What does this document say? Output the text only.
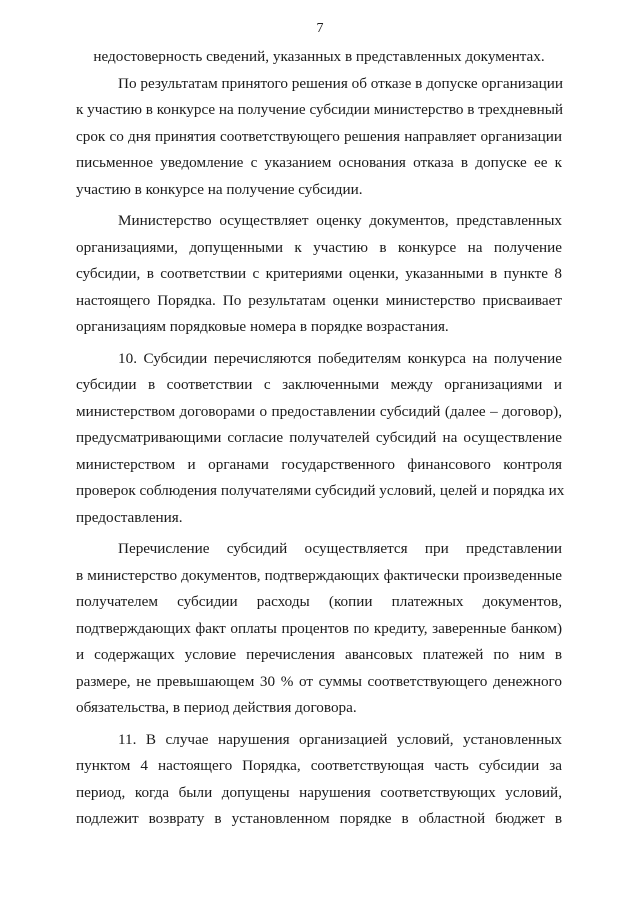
7

недостоверность сведений, указанных в представленных документах.

По результатам принятого решения об отказе в допуске организации
к участию в конкурсе на получение субсидии министерство в трехдневный
срок со дня принятия соответствующего решения направляет организации
письменное уведомление с указанием основания отказа в допуске ее к
участию в конкурсе на получение субсидии.

Министерство осуществляет оценку документов, представленных
организациями, допущенными к участию в конкурсе на получение
субсидии, в соответствии с критериями оценки, указанными в пункте 8
настоящего Порядка. По результатам оценки министерство присваивает
организациям порядковые номера в порядке возрастания.

10. Субсидии перечисляются победителям конкурса на получение
субсидии в соответствии с заключенными между организациями и
министерством договорами о предоставлении субсидий (далее – договор),
предусматривающими согласие получателей субсидий на осуществление
министерством и органами государственного финансового контроля
проверок соблюдения получателями субсидий условий, целей и порядка их
предоставления.

Перечисление субсидий осуществляется при представлении
в министерство документов, подтверждающих фактически произведенные
получателем субсидии расходы (копии платежных документов,
подтверждающих факт оплаты процентов по кредиту, заверенные банком)
и содержащих условие перечисления авансовых платежей по ним в
размере, не превышающем 30 % от суммы соответствующего денежного
обязательства, в период действия договора.

11. В случае нарушения организацией условий, установленных
пунктом 4 настоящего Порядка, соответствующая часть субсидии за
период, когда были допущены нарушения соответствующих условий,
подлежит возврату в установленном порядке в областной бюджет в
